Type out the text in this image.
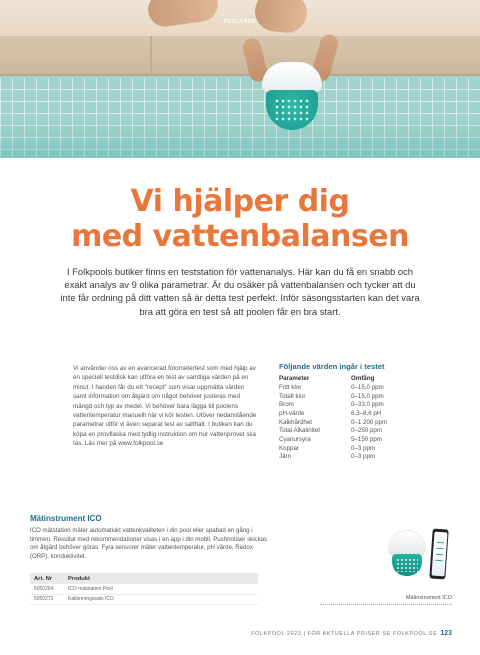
POOLVÅRD
Vi hjälper dig
med vattenbalansen
I Folkpools butiker finns en teststation för vattenanalys. Här kan du få en snabb och exakt analys av 9 olika parametrar. Är du osäker på vattenbalansen och tycker att du inte får ordning på ditt vatten så är detta test perfekt. Inför säsongsstarten kan det vara bra att göra en test så att poolen får en bra start.
Vi använder oss av en avancerad fotometertest som med hjälp av en speciell testdisk kan utföra en test av samtliga värden på en minut. I handen får du ett "recept" som visar uppmätta värden samt information om åtgärd om något behöver justeras med mängd och typ av medel. Vi behöver bara lägga till poolens vattentemperatur manuellt när vi kör testen. Utöver nedanstående parametrar utför vi även separat test av salthalt. I butiken kan du köpa en provflaska med tydlig instruktion om hur vattenprovet ska tas. Läs mer på www.folkpool.se
Följande värden ingår i testet
Parameter	Omfång
Fritt klor	0–15,0 ppm
Totalt klor	0–15,0 ppm
Brom	0–33,0 ppm
pH-värde	6,3–8,6 pH
Kalkhårdhet	0–1 200 ppm
Total Alkalinitet	0–250 ppm
Cyanursyra	5–150 ppm
Koppar	0–3 ppm
Järn	0–3 ppm
Mätinstrument ICO

ICO mätstation mäter automatiskt vattenkvaliteten i din pool eller spabad en gång i timmen. Resultat med rekommendationer visas i en app i din mobil. Pushnotiser skickas om åtgärd behöver göras. Fyra sensorer mäter vattentemperatur, pH värde, Redox (ORP), konduktivitet.

Art. Nr	Produkt
5050264	ICO mätstation Pool
5050271	Kalibreringssats ICO	Mätinstrument ICO
FOLKPOOL 2023 | FÖR AKTUELLA PRISER SE FOLKPOOL.SE 123
